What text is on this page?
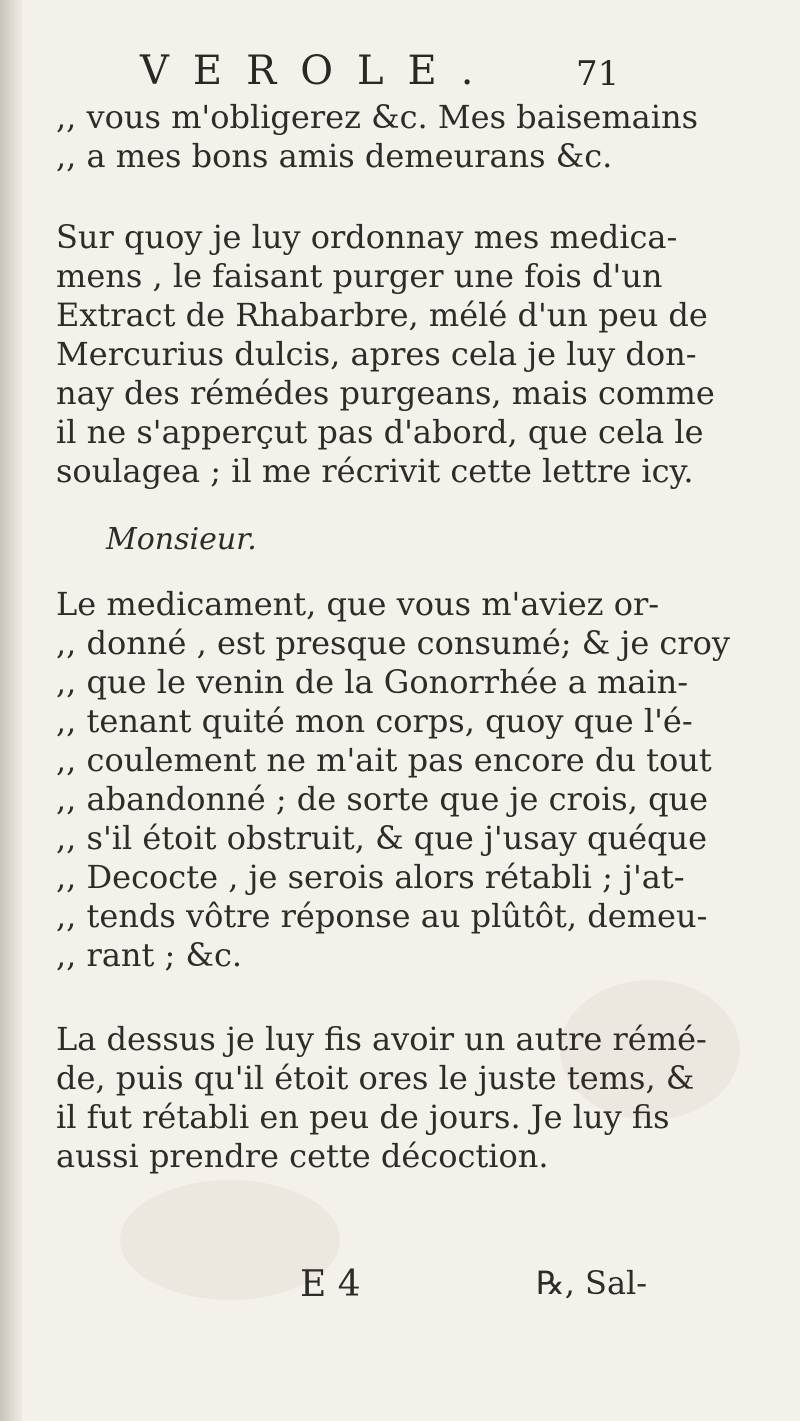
VEROLE. 71
,, vous m'obligerez &c. Mes baisemains
,, a mes bons amis demeurans &c.
Sur quoy je luy ordonnay mes medica-
mens , le faisant purger une fois d'un
Extract de Rhabarbre, mélé d'un peu de
Mercurius dulcis, apres cela je luy don-
nay des rémédes purgeans, mais comme
il ne s'apperçut pas d'abord, que cela le
soulagea ; il me récrivit cette lettre icy.
Monsieur.
Le medicament, que vous m'aviez or-
,, donné , est presque consumé; & je croy
,, que le venin de la Gonorrhée a main-
,, tenant quité mon corps, quoy que l'é-
,, coulement ne m'ait pas encore du tout
,, abandonné ; de sorte que je crois, que
,, s'il étoit obstruit, & que j'usay quéque
,, Decocte , je serois alors rétabli ; j'at-
,, tends vôtre réponse au plûtôt, demeu-
,, rant ; &c.
La dessus je luy fis avoir un autre rémé-
de, puis qu'il étoit ores le juste tems, &
il fut rétabli en peu de jours. Je luy fis
aussi prendre cette décoction.
E 4	℞, Sal-
